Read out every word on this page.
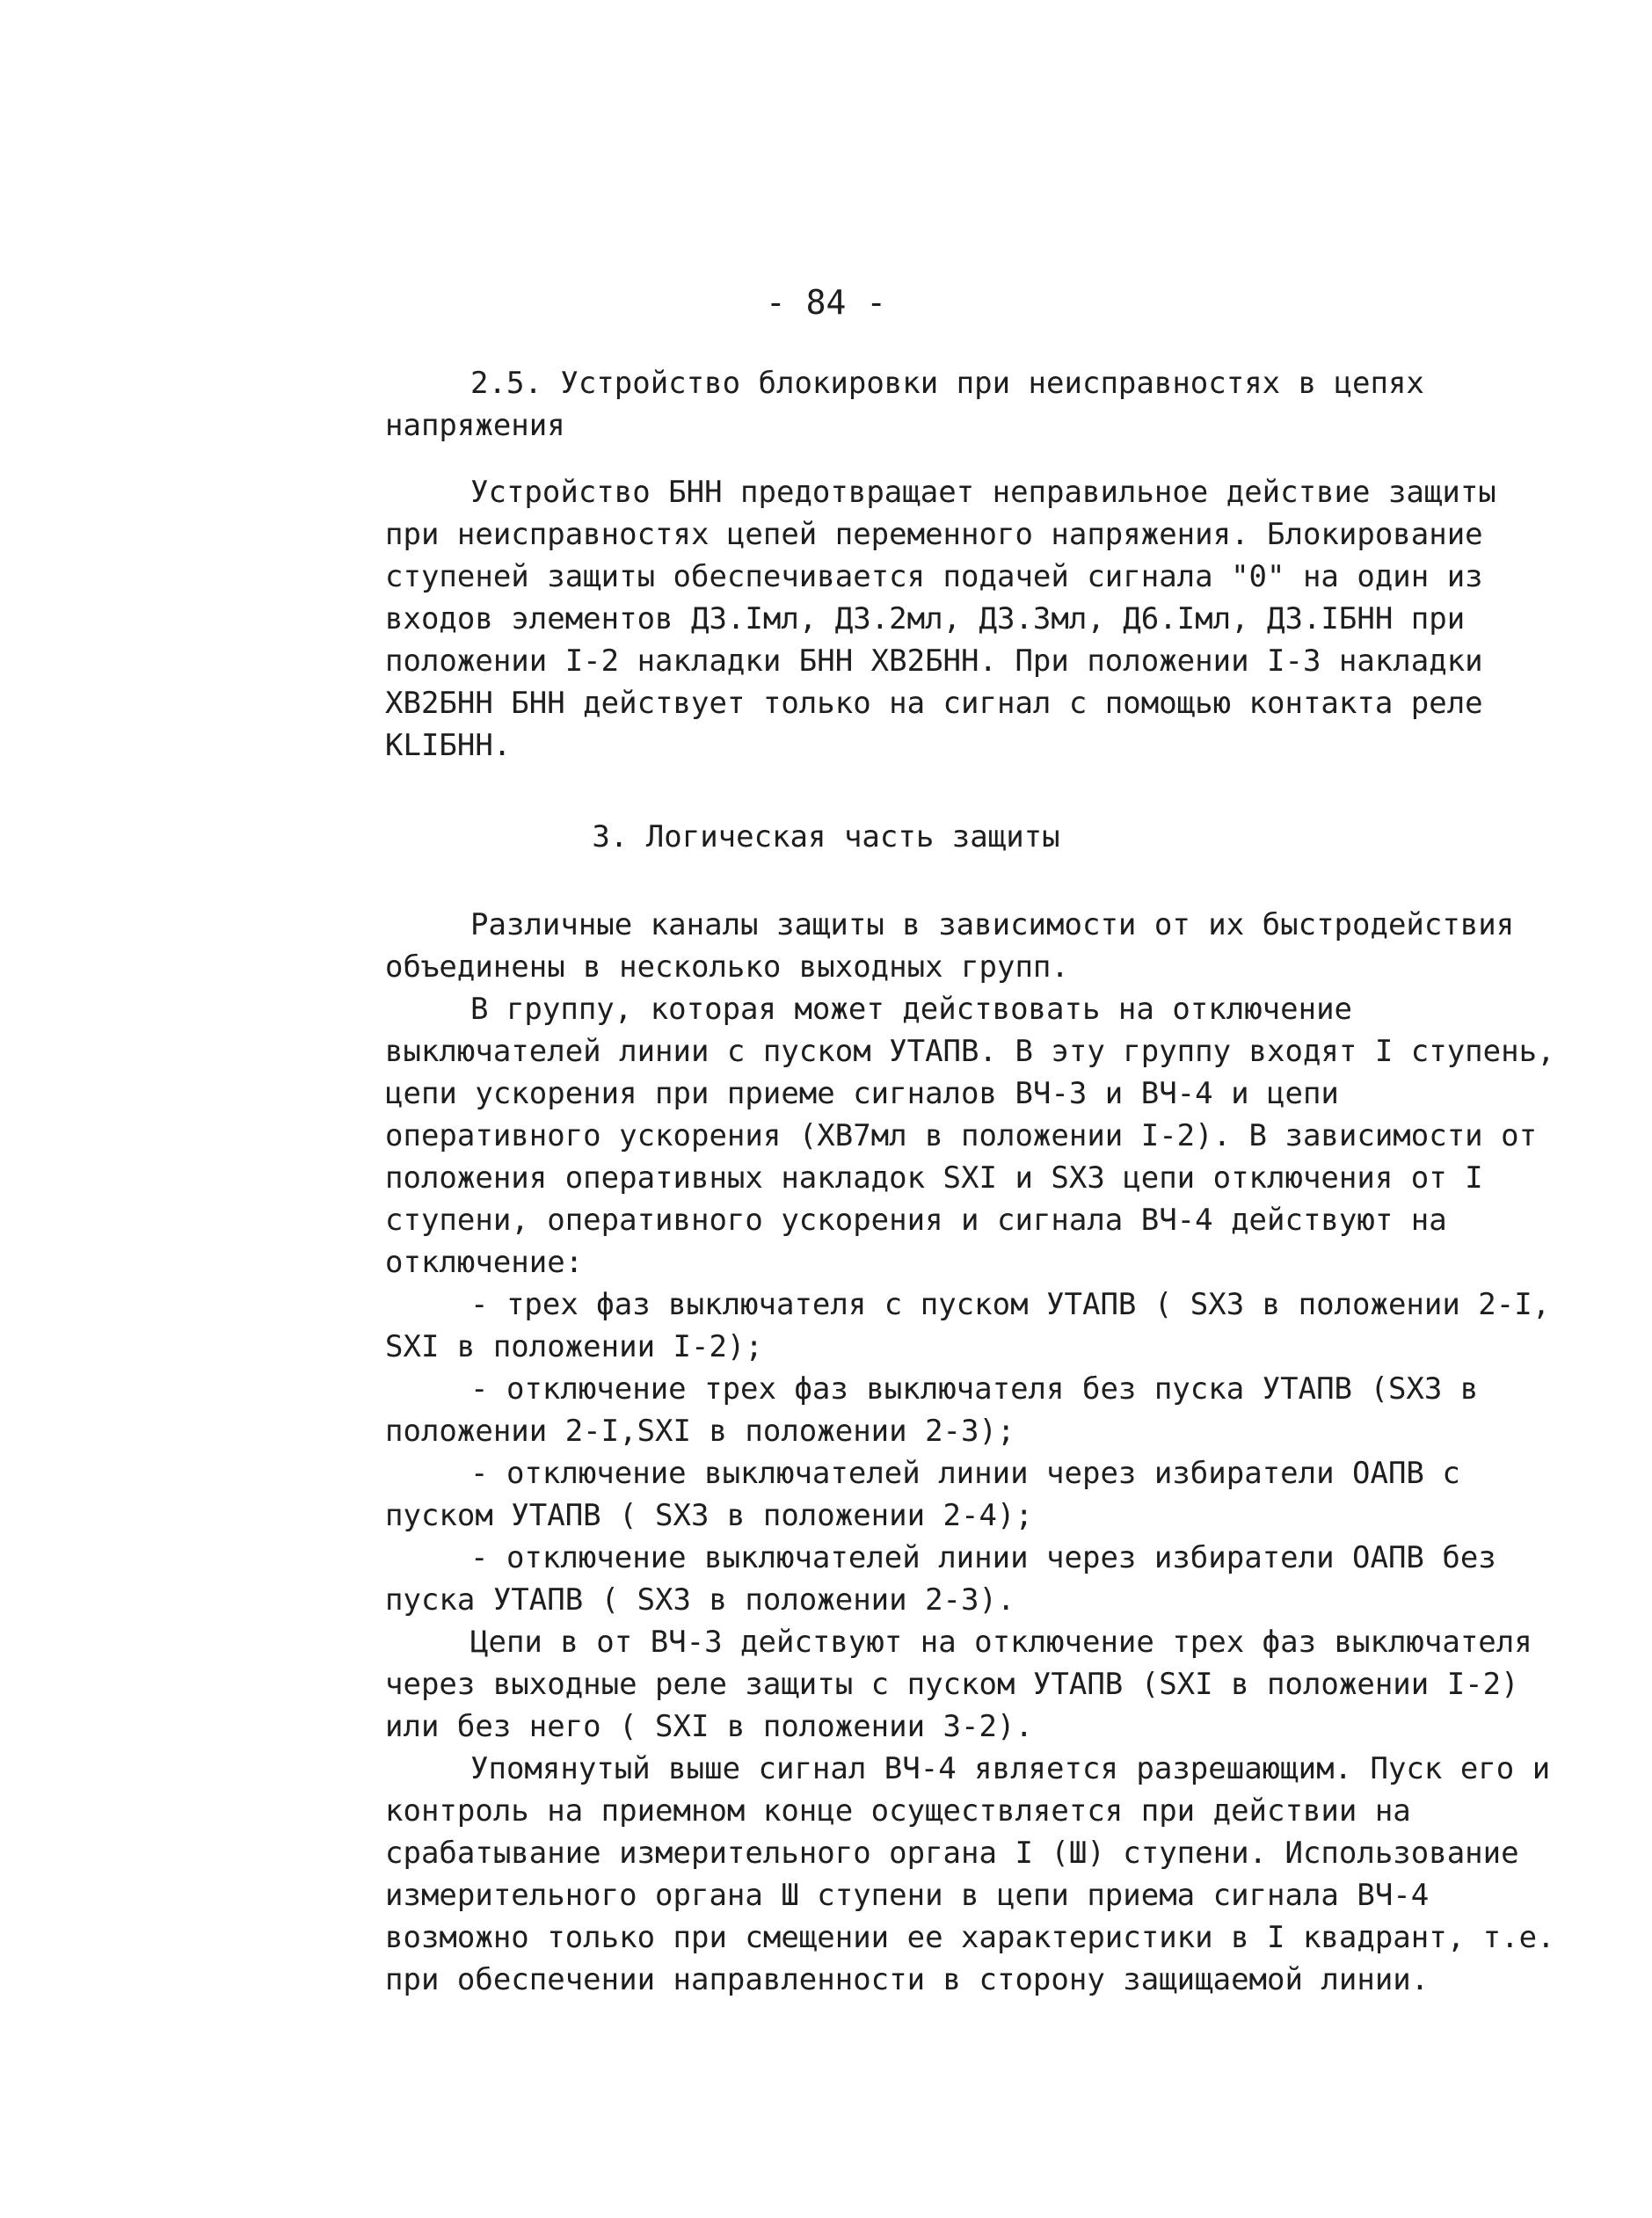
- 84 -

2.5. Устройство блокировки при неисправностях в цепях напряжения

Устройство БНН предотвращает неправильное действие защиты при неисправностях цепей переменного напряжения. Блокирование ступеней защиты обеспечивается подачей сигнала "0" на один из входов элементов ДЗ.Iмл, ДЗ.2мл, ДЗ.3мл, Д6.Iмл, ДЗ.IБНН при положении I-2 накладки БНН ХВ2БНН. При положении I-3 накладки ХВ2БНН БНН действует только на сигнал с помощью контакта реле KLIБНН.

3. Логическая часть защиты

Различные каналы защиты в зависимости от их быстродействия объединены в несколько выходных групп.

В группу, которая может действовать на отключение выключателей линии с пуском УТАПВ. В эту группу входят I ступень, цепи ускорения при приеме сигналов ВЧ-3 и ВЧ-4 и цепи оперативного ускорения (ХВ7мл в положении I-2). В зависимости от положения оперативных накладок SXI и SX3 цепи отключения от I ступени, оперативного ускорения и сигнала ВЧ-4 действуют на отключение:

- трех фаз выключателя с пуском УТАПВ ( SX3 в положении 2-I, SXI в положении I-2);

- отключение трех фаз выключателя без пуска УТАПВ (SX3 в положении 2-I,SXI в положении 2-3);

- отключение выключателей линии через избиратели ОАПВ с пуском УТАПВ ( SX3 в положении 2-4);

- отключение выключателей линии через избиратели ОАПВ без пуска УТАПВ ( SX3 в положении 2-3).

Цепи в от ВЧ-3 действуют на отключение трех фаз выключателя через выходные реле защиты с пуском УТАПВ (SXI в положении I-2) или без него ( SXI в положении 3-2).

Упомянутый выше сигнал ВЧ-4 является разрешающим. Пуск его и контроль на приемном конце осуществляется при действии на срабатывание измерительного органа I (Ш) ступени. Использование измерительного органа Ш ступени в цепи приема сигнала ВЧ-4 возможно только при смещении ее характеристики в I квадрант, т.е. при обеспечении направленности в сторону защищаемой линии.
